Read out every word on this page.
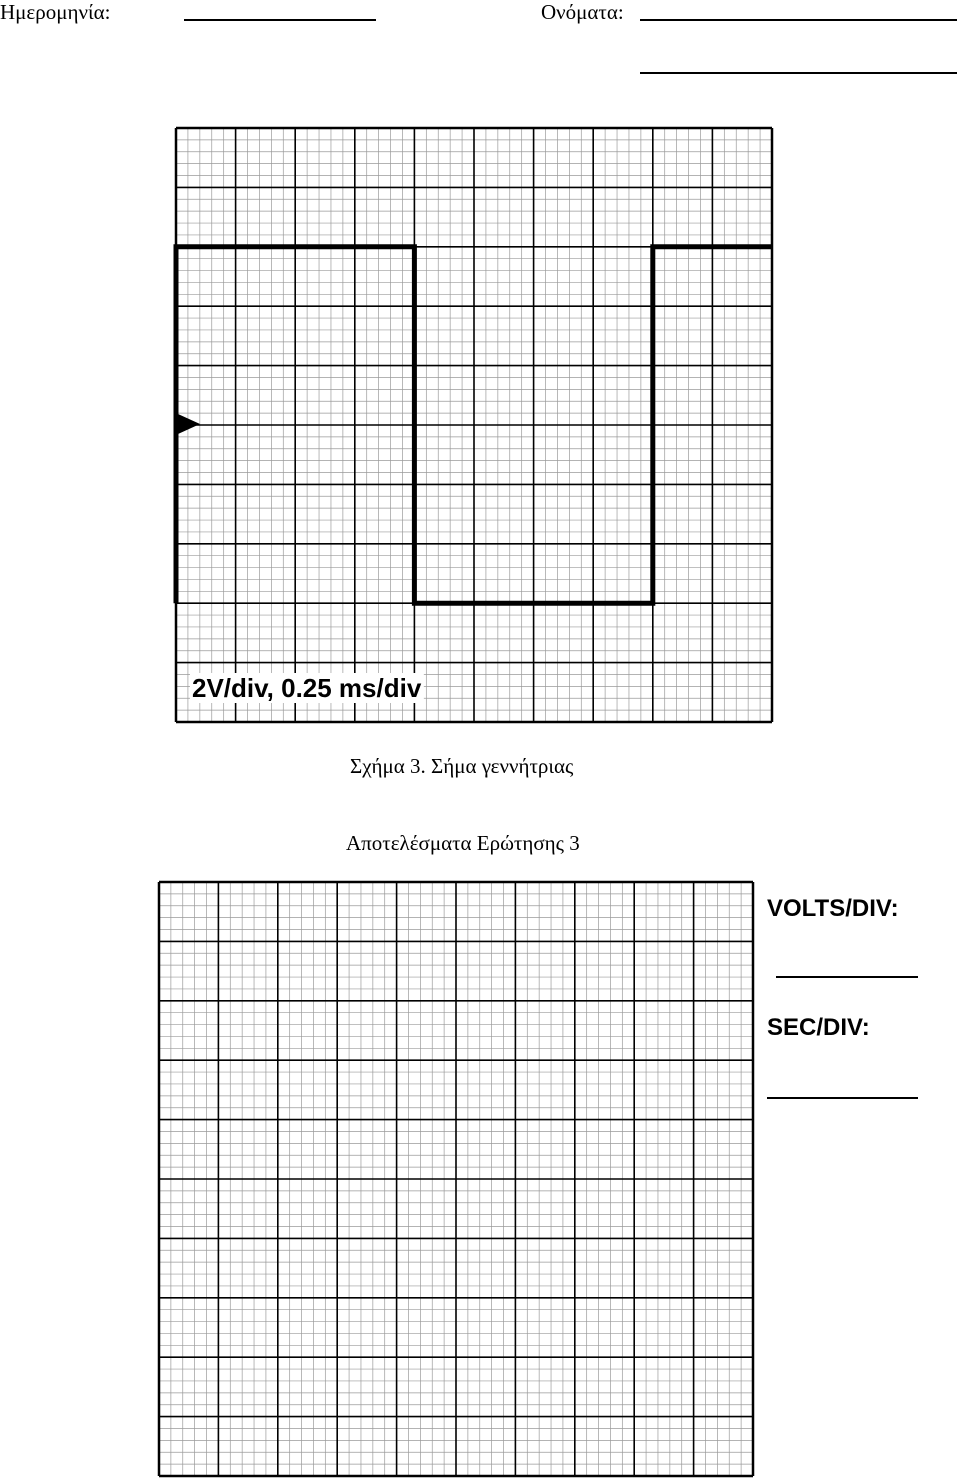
Ημερομηνία:	Ονόματα:
2V/div, 0.25 ms/div
Σχήμα 3. Σήμα γεννήτριας
Αποτελέσματα Ερώτησης 3
VOLTS/DIV:
SEC/DIV:
